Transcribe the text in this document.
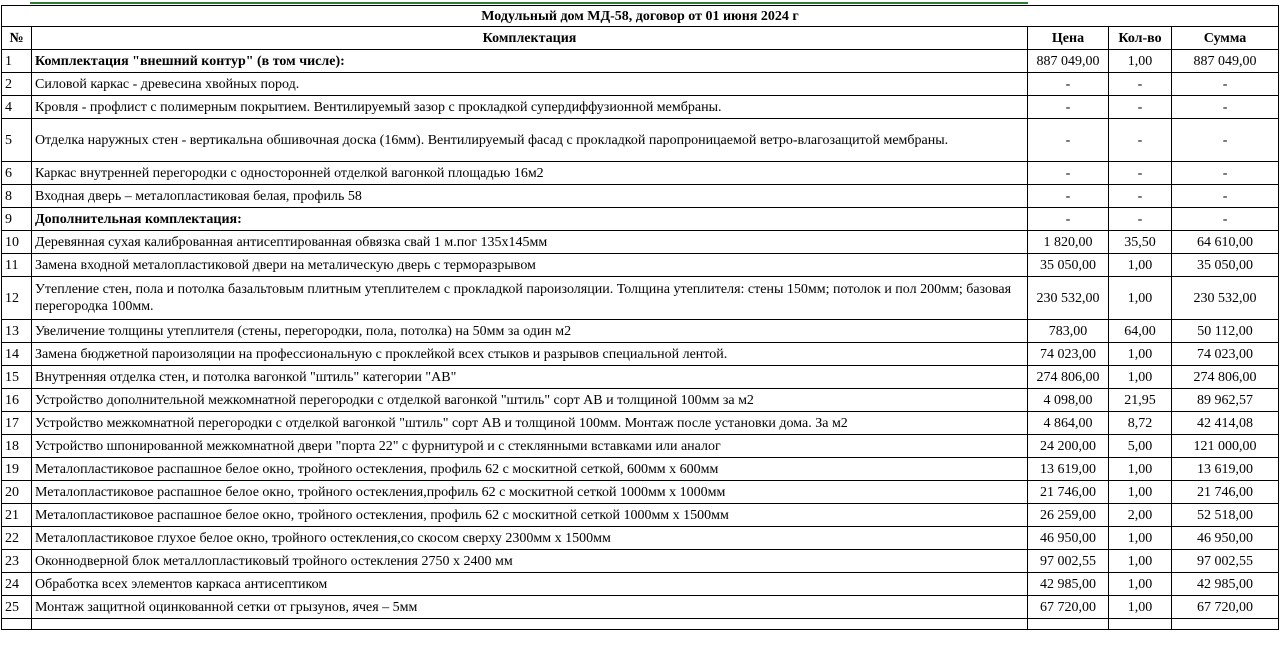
Модульный дом МД-58, договор от 01 июня 2024 г				
№	Комплектация	Цена	Кол-во	Сумма
1	Комплектация "внешний контур" (в том числе):	887 049,00	1,00	887 049,00
2	Силовой каркас - древесина хвойных пород.	-	-	-
4	Кровля - профлист с полимерным покрытием. Вентилируемый зазор с прокладкой супердиффузионной мембраны.	-	-	-
5	Отделка наружных стен - вертикальна обшивочная доска (16мм). Вентилируемый фасад с прокладкой паропроницаемой ветро-влагозащитой мембраны.	-	-	-
6	Каркас внутренней перегородки с односторонней отделкой вагонкой площадью 16м2	-	-	-
8	Входная дверь – металопластиковая белая, профиль 58	-	-	-
9	Дополнительная комплектация:	-	-	-
10	Деревянная сухая калиброванная антисептированная обвязка свай 1 м.пог 135х145мм	1 820,00	35,50	64 610,00
11	Замена входной металопластиковой двери на металическую дверь с терморазрывом	35 050,00	1,00	35 050,00
12	Утепление стен, пола и потолка базальтовым плитным утеплителем с прокладкой пароизоляции. Толщина утеплителя: стены 150мм; потолок и пол 200мм; базовая перегородка 100мм.	230 532,00	1,00	230 532,00
13	Увеличение толщины утеплителя (стены, перегородки, пола, потолка) на 50мм за один м2	783,00	64,00	50 112,00
14	Замена бюджетной пароизоляции на профессиональную с проклейкой всех стыков и разрывов специальной лентой.	74 023,00	1,00	74 023,00
15	Внутренняя отделка стен, и потолка вагонкой "штиль" категории "АВ"	274 806,00	1,00	274 806,00
16	Устройство дополнительной межкомнатной перегородки с отделкой вагонкой "штиль" сорт АВ и толщиной 100мм за м2	4 098,00	21,95	89 962,57
17	Устройство межкомнатной перегородки с отделкой вагонкой "штиль" сорт АВ и толщиной 100мм. Монтаж после установки дома. За м2	4 864,00	8,72	42 414,08
18	Устройство шпонированной межкомнатной двери "порта 22" с фурнитурой и с стеклянными вставками или аналог	24 200,00	5,00	121 000,00
19	Металопластиковое распашное белое окно, тройного остекления, профиль 62 с москитной сеткой, 600мм х 600мм	13 619,00	1,00	13 619,00
20	Металопластиковое распашное белое окно, тройного остекления,профиль 62 с москитной сеткой 1000мм х 1000мм	21 746,00	1,00	21 746,00
21	Металопластиковое распашное белое окно, тройного остекления, профиль 62 с москитной сеткой 1000мм х 1500мм	26 259,00	2,00	52 518,00
22	Металопластиковое глухое белое окно, тройного остекления,со скосом сверху 2300мм х 1500мм	46 950,00	1,00	46 950,00
23	Оконнодверной блок металлопластиковый тройного остекления 2750 х 2400 мм	97 002,55	1,00	97 002,55
24	Обработка всех элементов каркаса антисептиком	42 985,00	1,00	42 985,00
25	Монтаж защитной оцинкованной сетки от грызунов, ячея – 5мм	67 720,00	1,00	67 720,00
